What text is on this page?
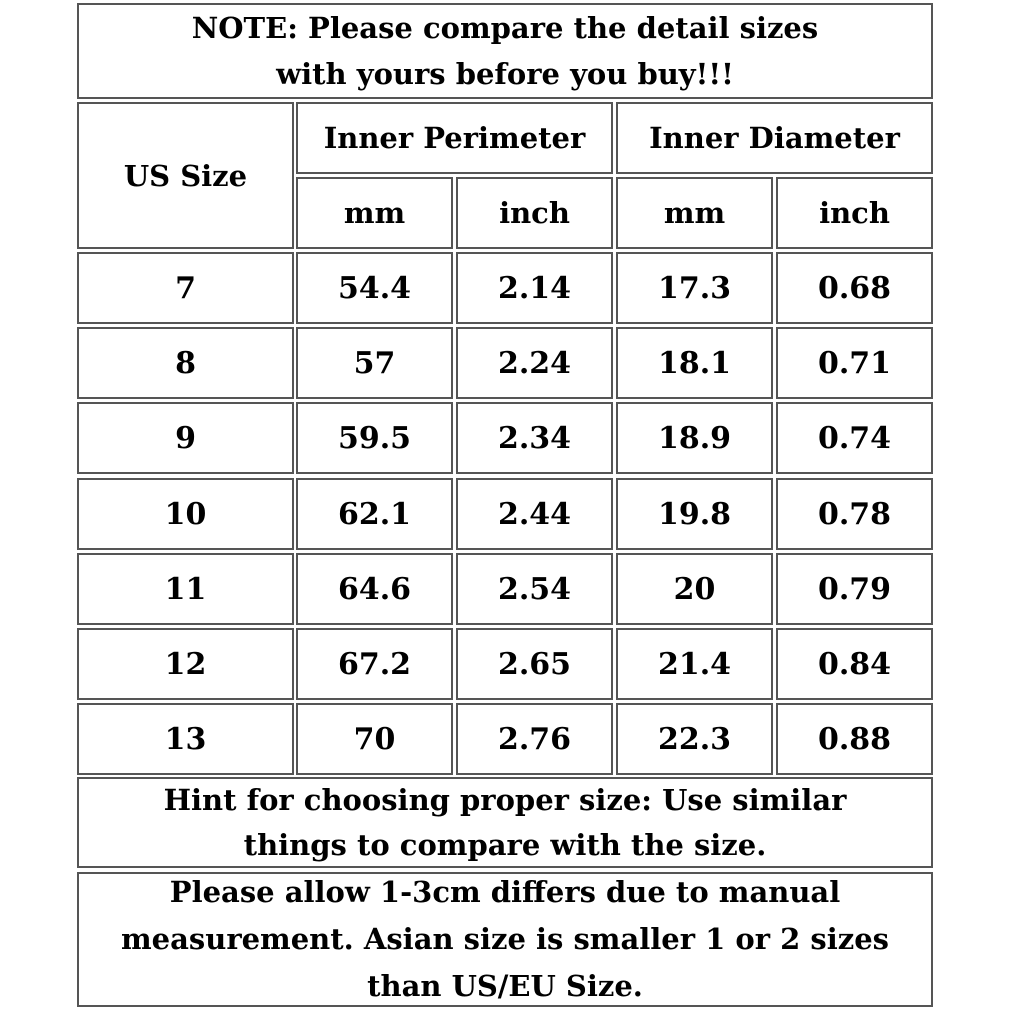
NOTE: Please compare the detail sizes
with yours before you buy!!!
US Size
Inner Perimeter Inner Diameter
mm	inch	mm	inch
7	54.4	2.14	17.3	0.68
8	57	2.24	18.1	0.71
9	59.5	2.34	18.9	0.74
10	62.1	2.44	19.8	0.78
11	64.6	2.54	20	0.79
12	67.2	2.65	21.4	0.84
13	70	2.76	22.3	0.88
Hint for choosing proper size: Use similar things to compare with the size.
Please allow 1-3cm differs due to manual measurement. Asian size is smaller 1 or 2 sizes than US/EU Size.
